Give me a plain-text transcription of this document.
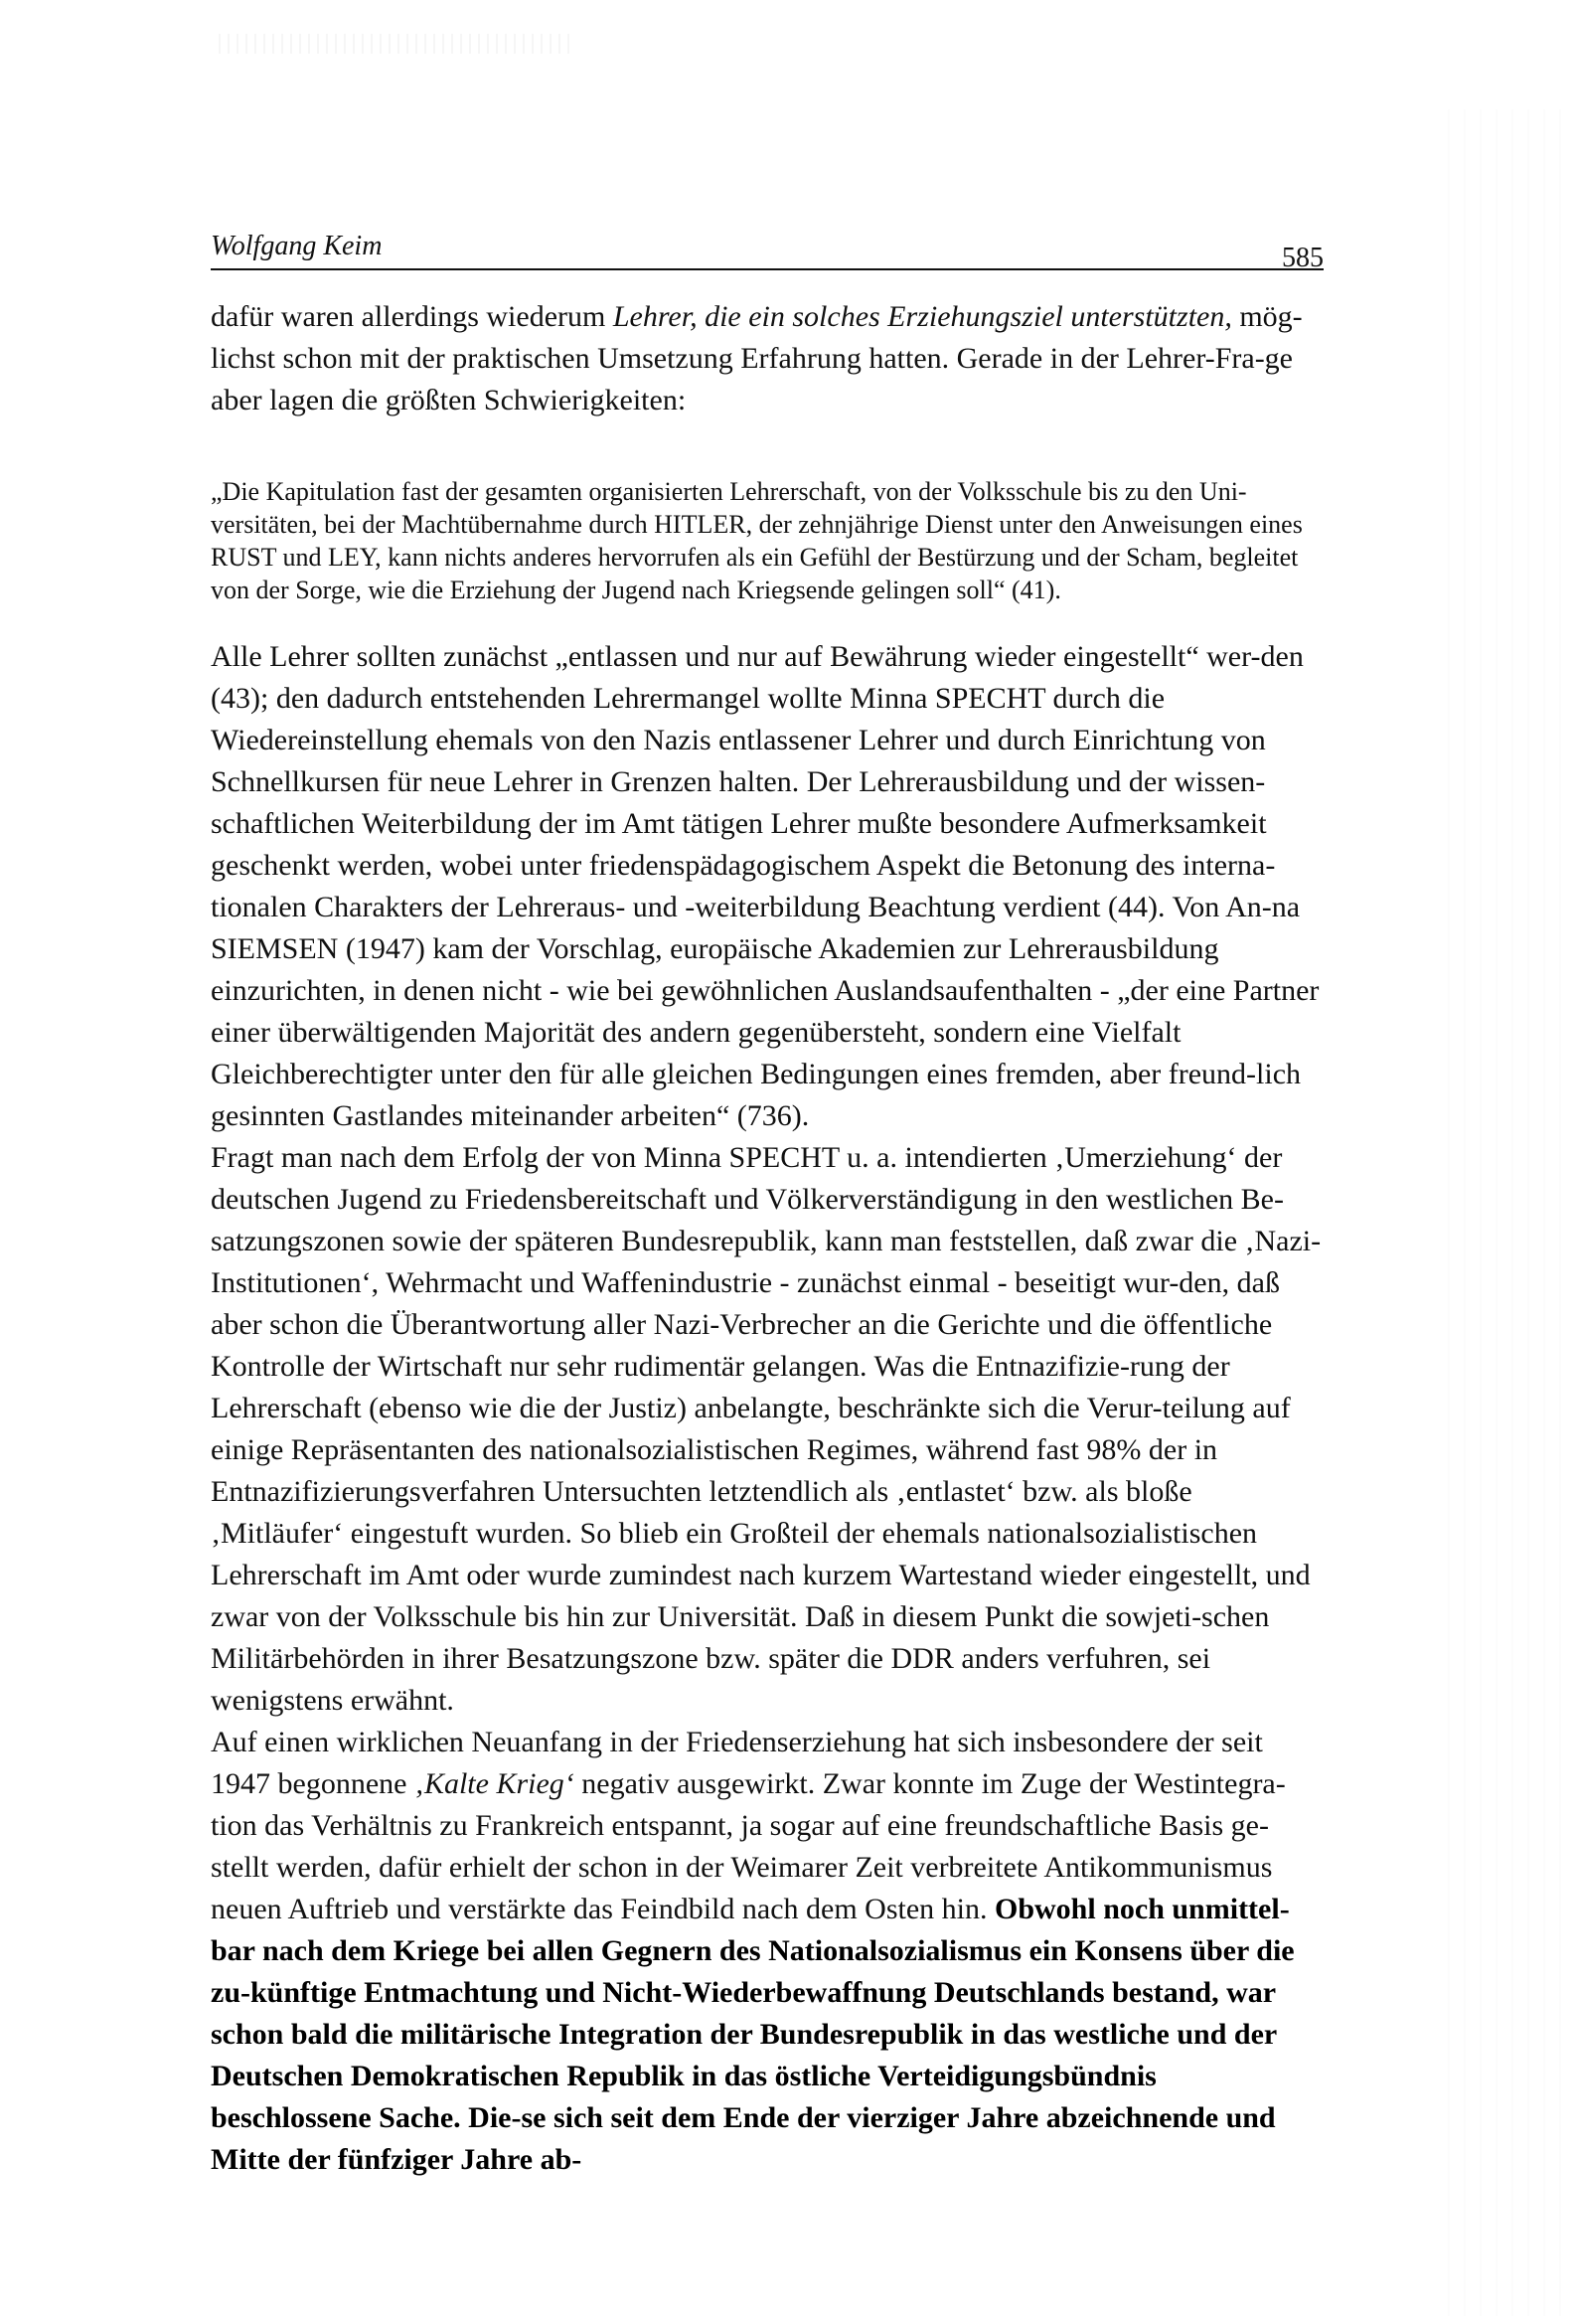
Wolfgang Keim	585

dafür waren allerdings wiederum Lehrer, die ein solches Erziehungsziel unterstützten, mög-lichst schon mit der praktischen Umsetzung Erfahrung hatten. Gerade in der Lehrer-Fra-ge aber lagen die größten Schwierigkeiten:

„Die Kapitulation fast der gesamten organisierten Lehrerschaft, von der Volksschule bis zu den Uni-versitäten, bei der Machtübernahme durch HITLER, der zehnjährige Dienst unter den Anweisungen eines RUST und LEY, kann nichts anderes hervorrufen als ein Gefühl der Bestürzung und der Scham, begleitet von der Sorge, wie die Erziehung der Jugend nach Kriegsende gelingen soll“ (41).

Alle Lehrer sollten zunächst „entlassen und nur auf Bewährung wieder eingestellt“ wer-den (43); den dadurch entstehenden Lehrermangel wollte Minna SPECHT durch die Wiedereinstellung ehemals von den Nazis entlassener Lehrer und durch Einrichtung von Schnellkursen für neue Lehrer in Grenzen halten. Der Lehrerausbildung und der wissen-schaftlichen Weiterbildung der im Amt tätigen Lehrer mußte besondere Aufmerksamkeit geschenkt werden, wobei unter friedenspädagogischem Aspekt die Betonung des interna-tionalen Charakters der Lehreraus- und -weiterbildung Beachtung verdient (44). Von An-na SIEMSEN (1947) kam der Vorschlag, europäische Akademien zur Lehrerausbildung einzurichten, in denen nicht - wie bei gewöhnlichen Auslandsaufenthalten - „der eine Partner einer überwältigenden Majorität des andern gegenübersteht, sondern eine Vielfalt Gleichberechtigter unter den für alle gleichen Bedingungen eines fremden, aber freund-lich gesinnten Gastlandes miteinander arbeiten“ (736).

Fragt man nach dem Erfolg der von Minna SPECHT u. a. intendierten ‚Umerziehung‘ der deutschen Jugend zu Friedensbereitschaft und Völkerverständigung in den westlichen Be-satzungszonen sowie der späteren Bundesrepublik, kann man feststellen, daß zwar die ‚Nazi-Institutionen‘, Wehrmacht und Waffenindustrie - zunächst einmal - beseitigt wur-den, daß aber schon die Überantwortung aller Nazi-Verbrecher an die Gerichte und die öffentliche Kontrolle der Wirtschaft nur sehr rudimentär gelangen. Was die Entnazifizie-rung der Lehrerschaft (ebenso wie die der Justiz) anbelangte, beschränkte sich die Verur-teilung auf einige Repräsentanten des nationalsozialistischen Regimes, während fast 98% der in Entnazifizierungsverfahren Untersuchten letztendlich als ‚entlastet‘ bzw. als bloße ‚Mitläufer‘ eingestuft wurden. So blieb ein Großteil der ehemals nationalsozialistischen Lehrerschaft im Amt oder wurde zumindest nach kurzem Wartestand wieder eingestellt, und zwar von der Volksschule bis hin zur Universität. Daß in diesem Punkt die sowjeti-schen Militärbehörden in ihrer Besatzungszone bzw. später die DDR anders verfuhren, sei wenigstens erwähnt.

Auf einen wirklichen Neuanfang in der Friedenserziehung hat sich insbesondere der seit 1947 begonnene ‚Kalte Krieg‘ negativ ausgewirkt. Zwar konnte im Zuge der Westintegra-tion das Verhältnis zu Frankreich entspannt, ja sogar auf eine freundschaftliche Basis ge-stellt werden, dafür erhielt der schon in der Weimarer Zeit verbreitete Antikommunismus neuen Auftrieb und verstärkte das Feindbild nach dem Osten hin. Obwohl noch unmittel-bar nach dem Kriege bei allen Gegnern des Nationalsozialismus ein Konsens über die zu-künftige Entmachtung und Nicht-Wiederbewaffnung Deutschlands bestand, war schon bald die militärische Integration der Bundesrepublik in das westliche und der Deutschen Demokratischen Republik in das östliche Verteidigungsbündnis beschlossene Sache. Die-se sich seit dem Ende der vierziger Jahre abzeichnende und Mitte der fünfziger Jahre ab-
